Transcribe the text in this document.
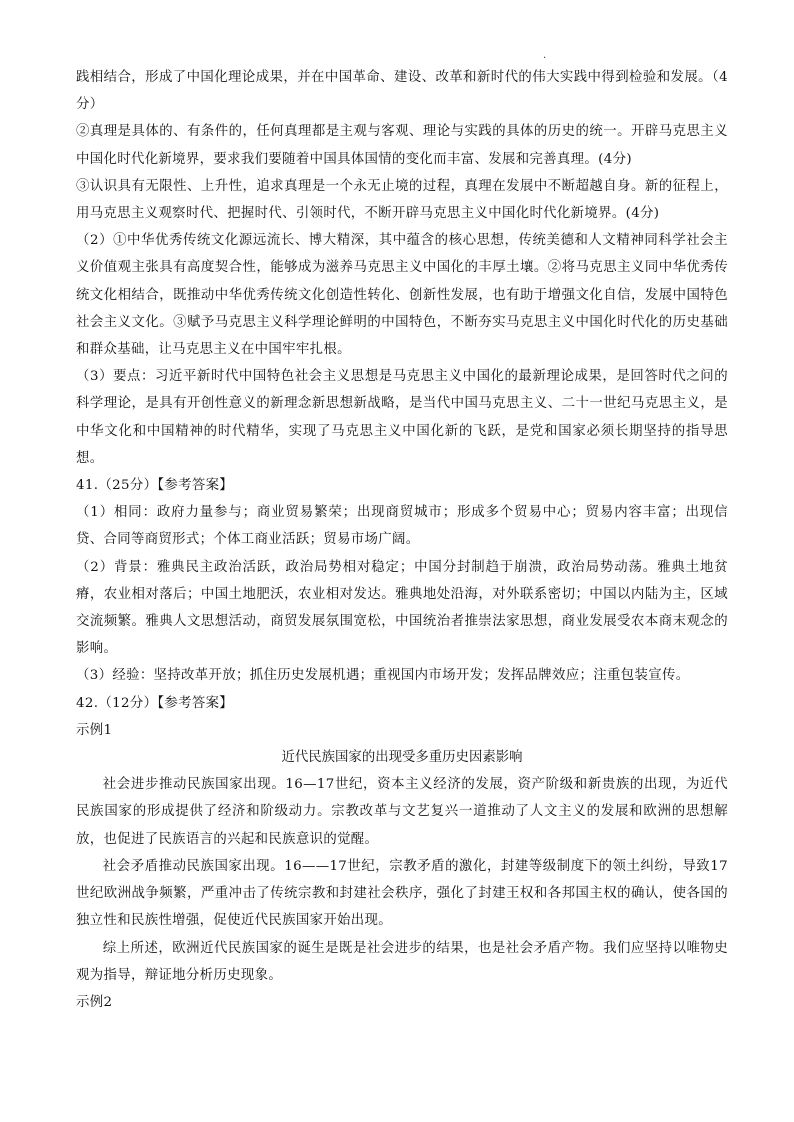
.

践相结合，形成了中国化理论成果，并在中国革命、建设、改革和新时代的伟大实践中得到检验和发展。（4分）

②真理是具体的、有条件的，任何真理都是主观与客观、理论与实践的具体的历史的统一。开辟马克思主义中国化时代化新境界，要求我们要随着中国具体国情的变化而丰富、发展和完善真理。(4分)

③认识具有无限性、上升性，追求真理是一个永无止境的过程，真理在发展中不断超越自身。新的征程上，用马克思主义观察时代、把握时代、引领时代，不断开辟马克思主义中国化时代化新境界。(4分)

（2）①中华优秀传统文化源远流长、博大精深，其中蕴含的核心思想，传统美德和人文精神同科学社会主义价值观主张具有高度契合性，能够成为滋养马克思主义中国化的丰厚土壤。②将马克思主义同中华优秀传统文化相结合，既推动中华优秀传统文化创造性转化、创新性发展，也有助于增强文化自信，发展中国特色社会主义文化。③赋予马克思主义科学理论鲜明的中国特色，不断夯实马克思主义中国化时代化的历史基础和群众基础，让马克思主义在中国牢牢扎根。

（3）要点：习近平新时代中国特色社会主义思想是马克思主义中国化的最新理论成果，是回答时代之问的科学理论，是具有开创性意义的新理念新思想新战略，是当代中国马克思主义、二十一世纪马克思主义，是中华文化和中国精神的时代精华，实现了马克思主义中国化新的飞跃，是党和国家必须长期坚持的指导思想。

41.（25分）【参考答案】

（1）相同：政府力量参与；商业贸易繁荣；出现商贸城市；形成多个贸易中心；贸易内容丰富；出现信贷、合同等商贸形式；个体工商业活跃；贸易市场广阔。

（2）背景：雅典民主政治活跃，政治局势相对稳定；中国分封制趋于崩溃，政治局势动荡。雅典土地贫瘠，农业相对落后；中国土地肥沃，农业相对发达。雅典地处沿海，对外联系密切；中国以内陆为主，区域交流频繁。雅典人文思想活动，商贸发展氛围宽松，中国统治者推崇法家思想，商业发展受农本商末观念的影响。

（3）经验：坚持改革开放；抓住历史发展机遇；重视国内市场开发；发挥品牌效应；注重包装宣传。

42.（12分）【参考答案】

示例1

近代民族国家的出现受多重历史因素影响

社会进步推动民族国家出现。16—17世纪，资本主义经济的发展，资产阶级和新贵族的出现，为近代民族国家的形成提供了经济和阶级动力。宗教改革与文艺复兴一道推动了人文主义的发展和欧洲的思想解放，也促进了民族语言的兴起和民族意识的觉醒。

社会矛盾推动民族国家出现。16——17世纪，宗教矛盾的激化，封建等级制度下的领土纠纷，导致17世纪欧洲战争频繁，严重冲击了传统宗教和封建社会秩序，强化了封建王权和各邦国主权的确认，使各国的独立性和民族性增强，促使近代民族国家开始出现。

综上所述，欧洲近代民族国家的诞生是既是社会进步的结果，也是社会矛盾产物。我们应坚持以唯物史观为指导，辩证地分析历史现象。

示例2
